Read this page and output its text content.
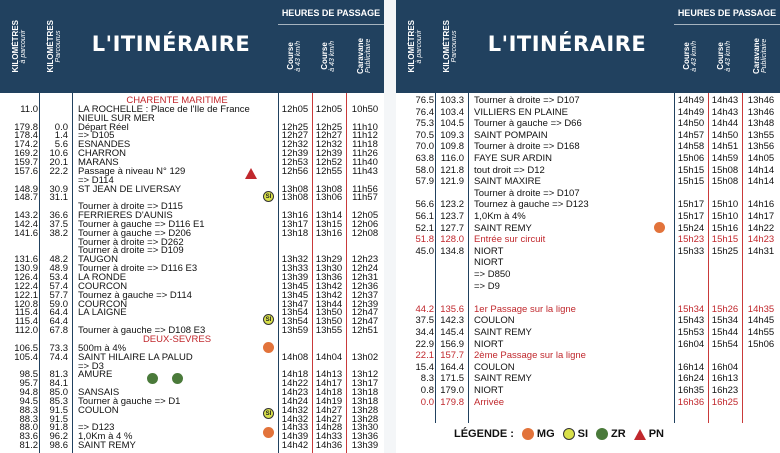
KILOMÈTRES
à parcourir KILOMÈTRES
Parcourus	L'ITINÉRAIRE
HEURES DE PASSAGE
Course
à 43 km/h Course
à 43 km/h	Caravane
Publicitaire
CHARENTE MARITIME
11.0	LA ROCHELLE : Place de l'Ile de France	12h05 12h05	10h50
NIEUIL SUR MER
179.8	0.0 Départ Réel	12h25 12h25	11h10
178.4	1.4 => D105	12h27 12h27	11h12
174.2	5.6 ESNANDES	12h32 12h32	11h18
169.2	10.6 CHARRON	12h39 12h39	11h26
159.7	20.1 MARANS	12h53 12h52	11h40
157.6	22.2 Passage à niveau N° 129	12h56 12h55	11h43
=> D114
148.9	30.9 ST JEAN DE LIVERSAY	13h08 13h08	11h56
148.7	31.1	13h08 13h06	11h57
Tourner à droite => D115
143.2	36.6 FERRIERES D'AUNIS	13h16 13h14	12h05
142.4	37.5 Tourner à gauche => D116 E1	13h17 13h15	12h06
141.6	38.2 Tourner à gauche => D206	13h18 13h16	12h08
Tourner à droite => D262
Tourner à droite => D109
131.6	48.2 TAUGON	13h32 13h29	12h23
130.9	48.9 Tourner à droite => D116 E3	13h33 13h30	12h24
126.4	53.4 LA RONDE	13h39 13h36	12h31
122.4	57.4 COURCON	13h45 13h42	12h36
122.1	57.7 Tournez à gauche => D114	13h45 13h42	12h37
120.8	59.0 COURCON	13h47 13h44	12h39
115.4	64.4 LA LAIGNE	13h54 13h50	12h47
115.4	64.4	13h54 13h50	12h47
112.0	67.8 Tourner à gauche => D108 E3	13h59 13h55	12h51
DEUX-SEVRES
106.5	73.3 500m à 4%
105.4	74.4 SAINT HILAIRE LA PALUD	14h08 14h04	13h02
=> D3
98.5	81.3 AMURE	14h18 14h13	13h12
95.7	84.1	14h22 14h17	13h17
94.8	85.0 SANSAIS	14h23 14h18	13h18
94.5	85.3 Tourner à gauche => D1	14h24 14h19	13h18
88.3	91.5 COULON	14h32 14h27	13h28
88.3	91.5	14h32 14h27	13h28
88.0	91.8 => D123	14h33 14h28	13h30
83.6	96.2 1,0Km à 4 %	14h39 14h33	13h36
81.2	98.6 SAINT REMY	14h42 14h36	13h39
SI
SI
SI
KILOMÈTRES
à parcourir KILOMÈTRES
Parcourus	L'ITINÉRAIRE
HEURES DE PASSAGE
Course
à 43 km/h Course
à 43 km/h	Caravane
Publicitaire
76.5 103.3 Tourner à droite => D107	14h49 14h43	13h46
76.4 103.4 VILLIERS EN PLAINE	14h49 14h43	13h46
75.3 104.5 Tourner à gauche => D66	14h50 14h44	13h48
70.5 109.3 SAINT POMPAIN	14h57 14h50	13h55
70.0 109.8 Tourner à droite => D168	14h58 14h51	13h56
63.8 116.0 FAYE SUR ARDIN	15h06 14h59	14h05
58.0 121.8 tout droit => D12	15h15 15h08	14h14
57.9 121.9 SAINT MAXIRE	15h15 15h08	14h14
Tourner à droite => D107
56.6 123.2 Tournez à gauche => D123	15h17 15h10	14h16
56.1 123.7 1,0Km à 4%	15h17 15h10	14h17
52.1 127.7 SAINT REMY	15h24 15h16	14h22
51.8 128.0 Entrée sur circuit	15h23 15h15	14h23
45.0 134.8 NIORT	15h33 15h25	14h31
NIORT
=> D850
=> D9
44.2 135.6 1er Passage sur la ligne	15h34 15h26	14h35
37.5 142.3 COULON	15h43 15h34	14h45
34.4 145.4 SAINT REMY	15h53 15h44	14h55
22.9 156.9 NIORT	16h04 15h54	15h06
22.1 157.7 2ème Passage sur la ligne
15.4 164.4 COULON	16h14 16h04
8.3 171.5 SAINT REMY	16h24 16h13
0.8 179.0 NIORT	16h35 16h23
0.0 179.8 Arrivée	16h36 16h25
LÉGENDE : MG SI ZR PN
